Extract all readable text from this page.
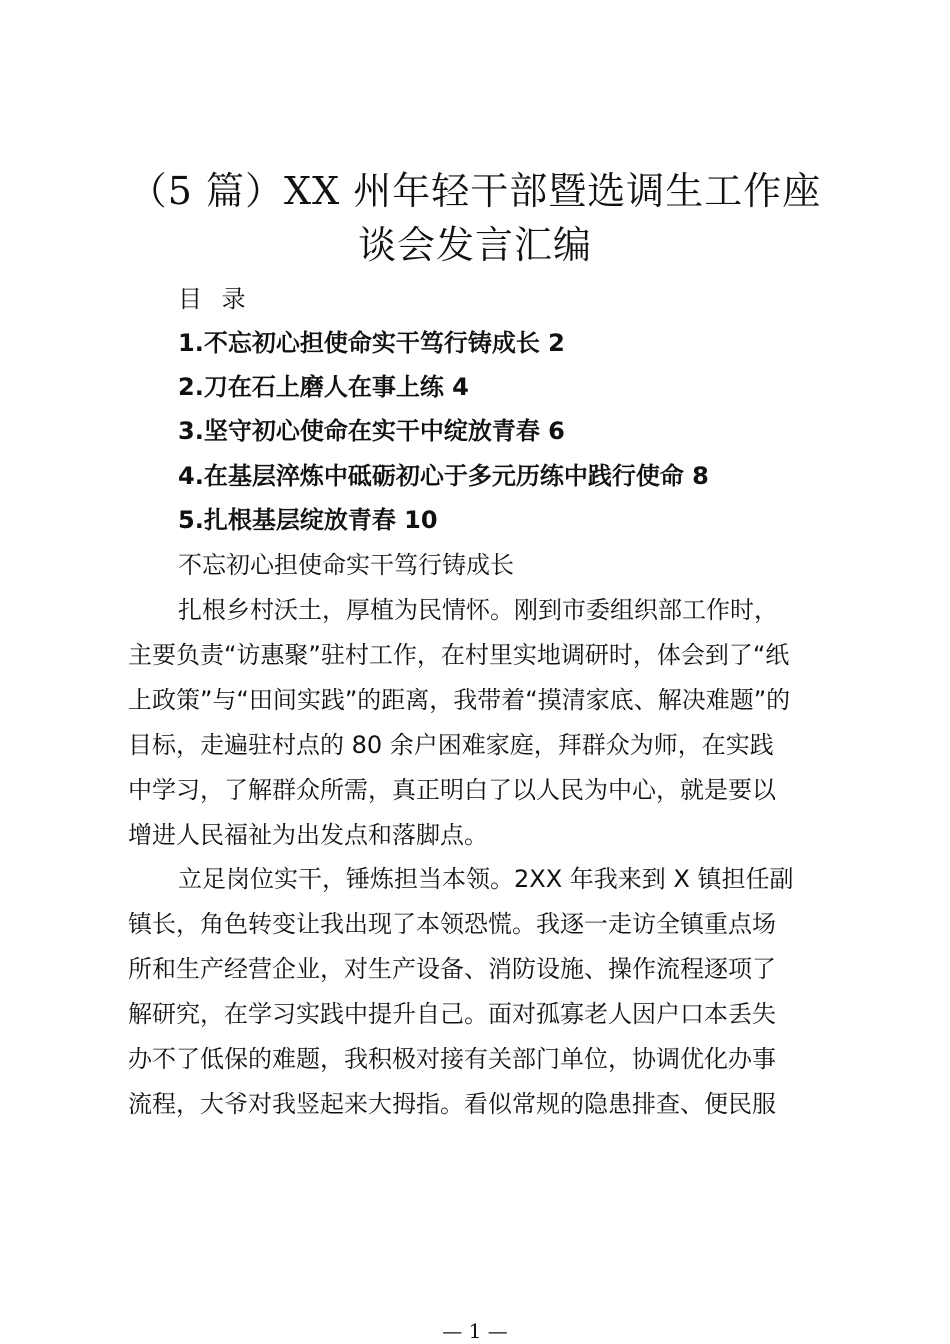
（5 篇）XX 州年轻干部暨选调生工作座
谈会发言汇编

目 录

1.不忘初心担使命实干笃行铸成长 2

2.刀在石上磨人在事上练 4

3.坚守初心使命在实干中绽放青春 6

4.在基层淬炼中砥砺初心于多元历练中践行使命 8

5.扎根基层绽放青春 10

不忘初心担使命实干笃行铸成长

扎根乡村沃土，厚植为民情怀。刚到市委组织部工作时，

主要负责“访惠聚”驻村工作，在村里实地调研时，体会到了“纸

上政策”与“田间实践”的距离，我带着“摸清家底、解决难题”的

目标，走遍驻村点的 80 余户困难家庭，拜群众为师，在实践

中学习，了解群众所需，真正明白了以人民为中心，就是要以

增进人民福祉为出发点和落脚点。

立足岗位实干，锤炼担当本领。2XX 年我来到 X 镇担任副

镇长，角色转变让我出现了本领恐慌。我逐一走访全镇重点场

所和生产经营企业，对生产设备、消防设施、操作流程逐项了

解研究，在学习实践中提升自己。面对孤寡老人因户口本丢失

办不了低保的难题，我积极对接有关部门单位，协调优化办事

流程，大爷对我竖起来大拇指。看似常规的隐患排查、便民服

— 1 —
